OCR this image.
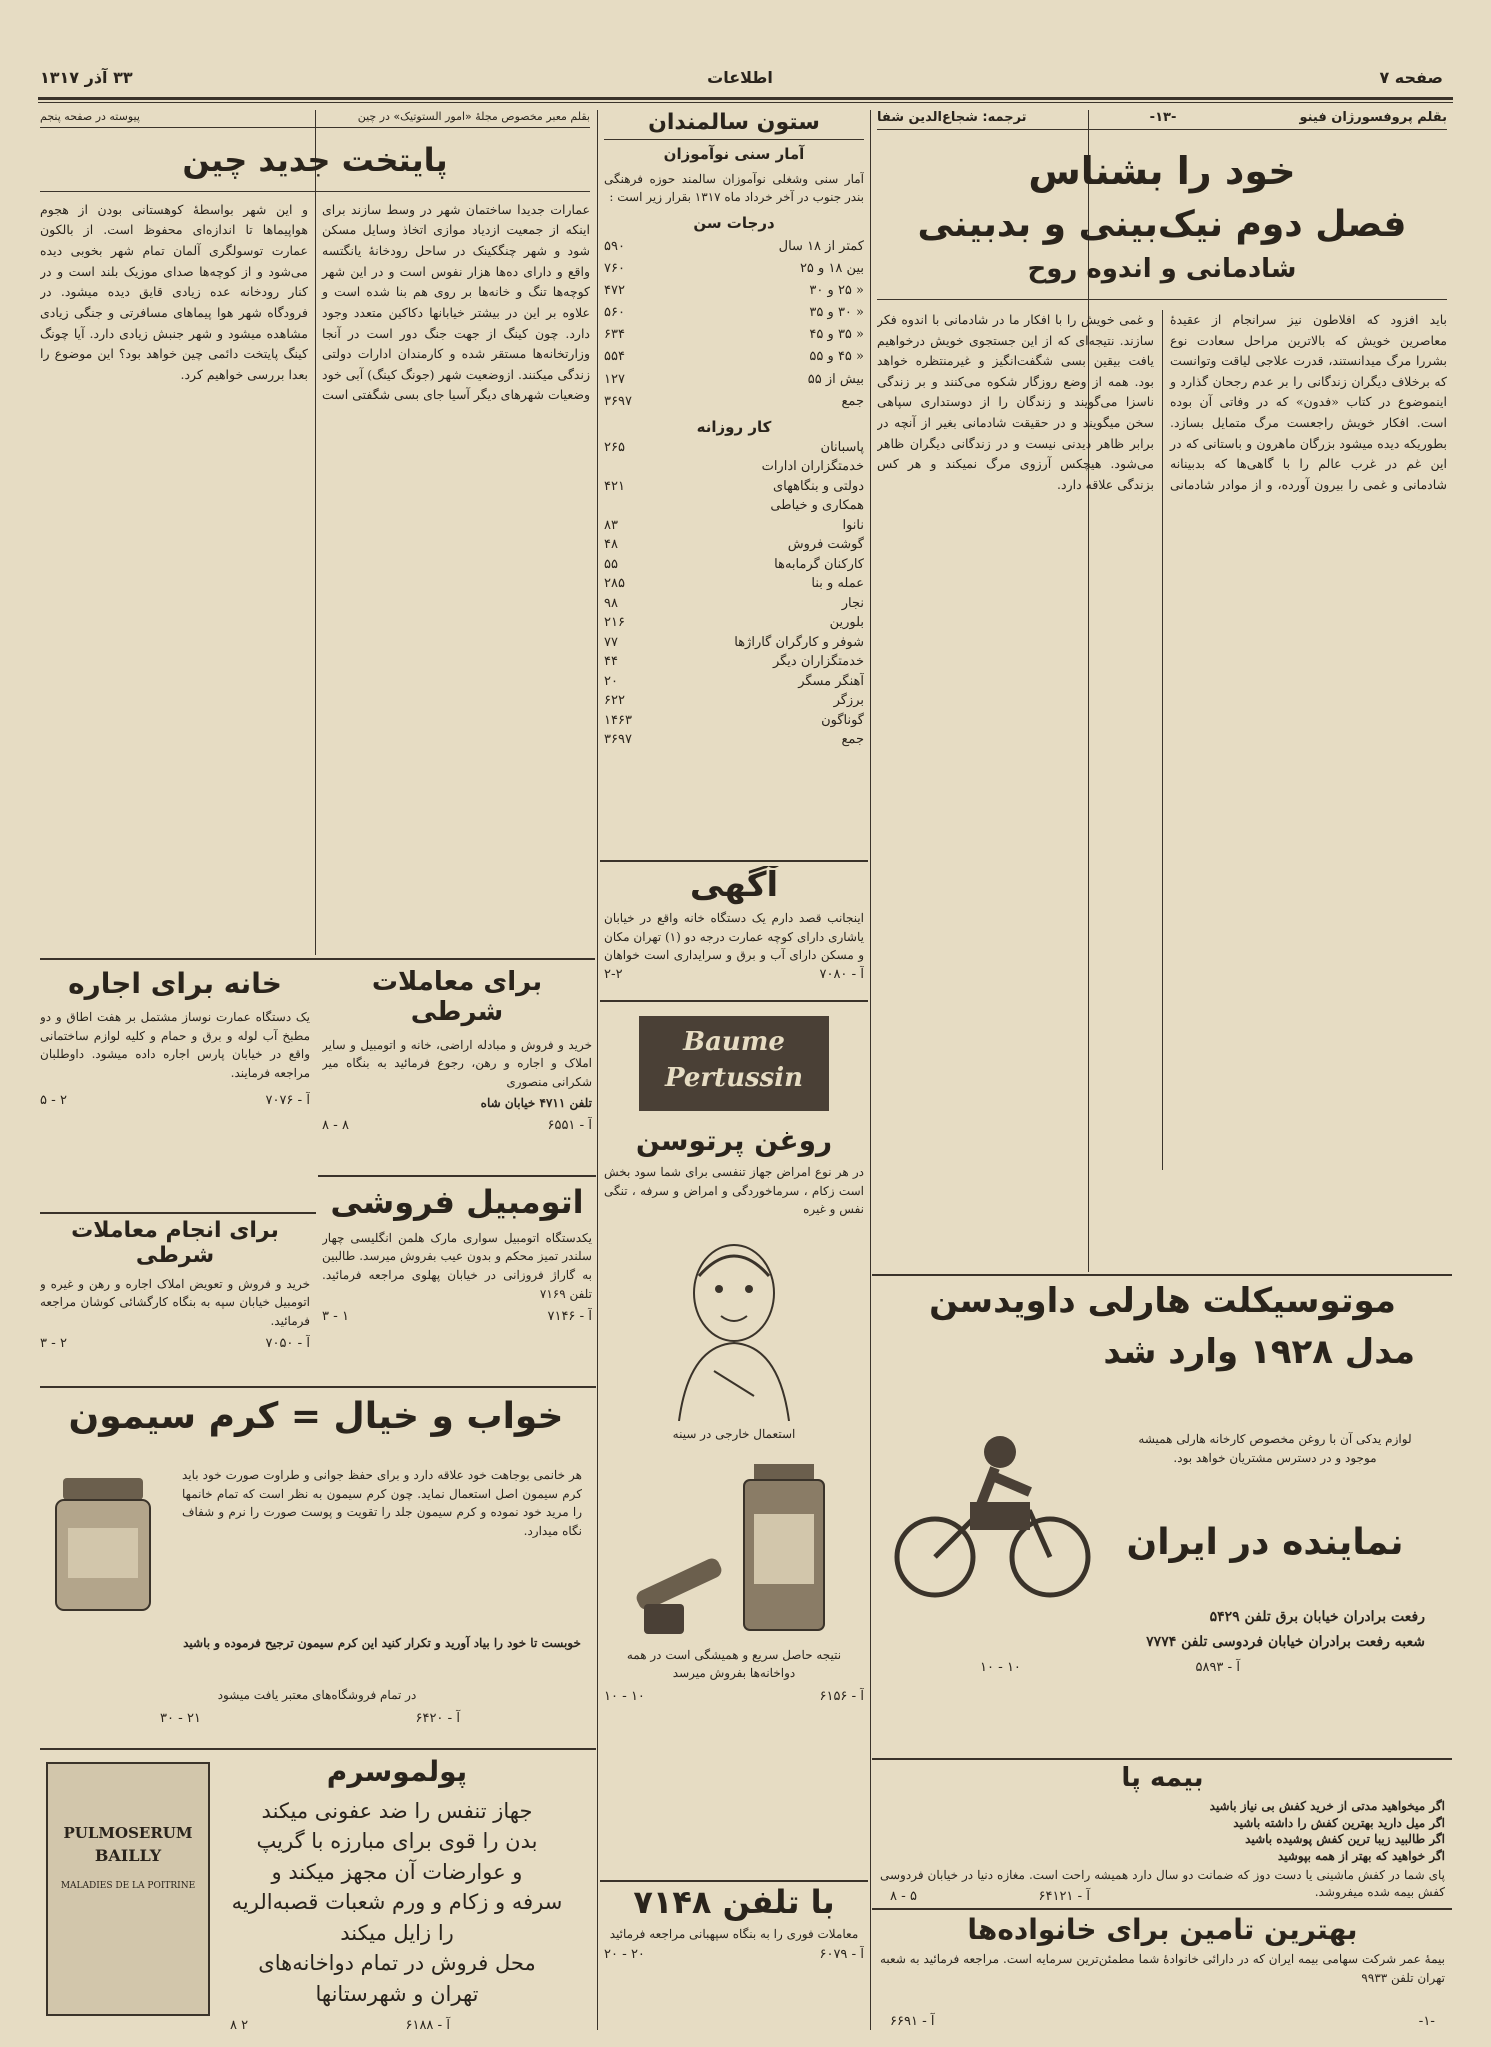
صفحه ۷
اطلاعات
۳۳ آذر ۱۳۱۷
بقلم پروفسورژان فینو
-۱۳-
ترجمه: شجاع‌الدین شفا
خود را بشناس
فصل دوم نیک‌بینی و بدبینی
شادمانی و اندوه روح
باید افزود که افلاطون نیز سرانجام از عقیدهٔ معاصرین خویش که بالاترین مراحل سعادت نوع بشررا مرگ میدانستند، قدرت علاجی لیاقت وتوانست که برخلاف دیگران زندگانی را بر عدم رجحان گذارد و اینموضوع در کتاب «فدون» که در وفاتی آن بوده است. افکار خویش راجعست مرگ متمایل بسازد. بطوریکه دیده میشود بزرگان ماهرون و باستانی که در این غم در غرب عالم را با گاهی‌ها که بدبینانه شادمانی و غمی را بیرون آورده، و از موادر شادمانی و غمی خویش را با افکار ما در شادمانی با اندوه فکر سازند. نتیجه‌ای که از این جستجوی خویش درخواهیم یافت بیقین بسی شگفت‌انگیز و غیرمنتظره خواهد بود. همه از وضع روزگار شکوه می‌کنند و بر زندگی ناسزا می‌گویند و زندگان را از دوستداری سپاهی سخن میگویند و در حقیقت شادمانی بغیر از آنچه در برابر ظاهر دیدنی نیست و در زندگانی دیگران ظاهر می‌شود. هیچکس آرزوی مرگ نمیکند و هر کس بزندگی علاقه دارد.
بقلم معبر مخصوص مجلهٔ «امور الستوتیک» در چین
پیوسته در صفحه پنجم
پایتخت جدید چین
عمارات جدیدا ساختمان شهر در وسط سازند برای اینکه از جمعیت ازدیاد موازی اتخاذ وسایل مسکن شود و شهر چنگکینک در ساحل رودخانهٔ یانگتسه واقع و دارای ده‌ها هزار نفوس است و در این شهر کوچه‌ها تنگ و خانه‌ها بر روی هم بنا شده است و علاوه بر این در بیشتر خیابانها دکاکین متعدد وجود دارد. چون کینگ از جهت جنگ دور است در آنجا وزارتخانه‌ها مستقر شده و کارمندان ادارات دولتی زندگی میکنند. ازوضعیت شهر (جونگ کینگ) آبی خود وضعیات شهرهای دیگر آسیا جای بسی شگفتی است و این شهر بواسطهٔ کوهستانی بودن از هجوم هواپیماها تا اندازه‌ای محفوظ است. از بالکون عمارت توسولگری آلمان تمام شهر بخوبی دیده می‌شود و از کوچه‌ها صدای موزیک بلند است و در کنار رودخانه عده زیادی قایق دیده میشود. در فرودگاه شهر هوا پیماهای مسافرتی و جنگی زیادی مشاهده میشود و شهر جنبش زیادی دارد. آیا چونگ کینگ پایتخت دائمی چین خواهد بود؟ این موضوع را بعدا بررسی خواهیم کرد.
ستون سالمندان
آمار سنی نوآموزان
آمار سنی وشغلی نوآموزان سالمند حوزه فرهنگی بندر جنوب در آخر خرداد ماه ۱۳۱۷ بقرار زیر است :
درجات سن
کمتر از ۱۸ سال
۵۹۰
بین ۱۸ و ۲۵
۷۶۰
« ۲۵ و ۳۰
۴۷۲
« ۳۰ و ۳۵
۵۶۰
« ۳۵ و ۴۵
۶۳۴
« ۴۵ و ۵۵
۵۵۴
بیش از ۵۵
۱۲۷
جمع
۳۶۹۷
کار روزانه
پاسبانان
۲۶۵
خدمتگزاران ادارات
دولتی و بنگاههای
۴۲۱
همکاری و خیاطی
نانوا
۸۳
گوشت فروش
۴۸
کارکنان گرمابه‌ها
۵۵
عمله و بنا
۲۸۵
نجار
۹۸
بلورین
۲۱۶
شوفر و کارگران گاراژها
۷۷
خدمتگزاران دیگر
۴۴
آهنگر مسگر
۲۰
برزگر
۶۲۲
گوناگون
۱۴۶۳
جمع
۳۶۹۷
آگهی
اینجانب قصد دارم یک دستگاه خانه واقع در خیابان یاشاری دارای کوچه عمارت درجه دو (۱) تهران مکان و مسکن دارای آب و برق و سرایداری است خواهان
آ - ۷۰۸۰
۲-۲
Baume
Pertussin
روغن پرتوسن
در هر نوع امراض جهاز تنفسی برای شما سود بخش است زکام ، سرماخوردگی و امراض و سرفه ، تنگی نفس و غیره
استعمال خارجی در سینه
نتیجه حاصل سریع و همیشگی است در همه دواخانه‌ها بفروش میرسد
آ - ۶۱۵۶
۱۰ - ۱۰
با تلفن ۷۱۴۸
معاملات فوری را به بنگاه سپهبانی مراجعه فرمائید
آ - ۶۰۷۹
۲۰ - ۲۰
خانه برای اجاره
یک دستگاه عمارت نوساز مشتمل بر هفت اطاق و دو مطبخ آب لوله و برق و حمام و کلیه لوازم ساختمانی واقع در خیابان پارس اجاره داده میشود. داوطلبان مراجعه فرمایند.
آ - ۷۰۷۶
۲ - ۵
برای معاملات شرطی
خرید و فروش و مبادله اراضی، خانه و اتومبیل و سایر املاک و اجاره و رهن، رجوع فرمائید به بنگاه میر شکرانی منصوری
تلفن ۴۷۱۱ خیابان شاه
آ - ۶۵۵۱
۸ - ۸
برای انجام معاملات شرطی
خرید و فروش و تعویض املاک اجاره و رهن و غیره و اتومبیل خیابان سپه به بنگاه کارگشائی کوشان مراجعه فرمائید.
آ - ۷۰۵۰
۲ - ۳
اتومبیل فروشی
یکدستگاه اتومبیل سواری مارک هلمن انگلیسی چهار سلندر تمیز محکم و بدون عیب بفروش میرسد. طالبین به گاراژ فروزانی در خیابان پهلوی مراجعه فرمائید. تلفن ۷۱۶۹
آ - ۷۱۴۶
۱ - ۳	موتوسیکلت هارلی داویدسن
مدل ۱۹۲۸ وارد شد
لوازم یدکی آن با روغن مخصوص کارخانه هارلی همیشه موجود و در دسترس مشتریان خواهد بود.
نماینده در ایران
رفعت برادران خیابان برق تلفن ۵۴۲۹
شعبه رفعت برادران خیابان فردوسی تلفن ۷۷۷۴
آ - ۵۸۹۳
۱۰ - ۱۰
خواب و خیال = کرم سیمون
هر خانمی بوجاهت خود علاقه دارد و برای حفظ جوانی و طراوت صورت خود باید کرم سیمون اصل استعمال نماید. چون کرم سیمون به نظر است که تمام خانمها را مرید خود نموده و کرم سیمون جلد را تقویت و پوست صورت را نرم و شفاف نگاه میدارد.
خوبست تا خود را بیاد آورید و تکرار کنید این کرم سیمون ترجیح فرموده و باشید
در تمام فروشگاه‌های معتبر یافت میشود
آ - ۶۴۲۰
۲۱ - ۳۰
PULMOSERUM
BAILLY
MALADIES DE LA POITRINE
پولموسرم
جهاز تنفس را ضد عفونی میکند
بدن را قوی برای مبارزه با گریپ
و عوارضات آن مجهز میکند و
سرفه و زکام و ورم شعبات قصبه‌الریه
را زایل میکند
محل فروش در تمام دواخانه‌های
تهران و شهرستانها
آ - ۶۱۸۸
۲ ۸
بیمه پا
اگر میخواهید مدتی از خرید کفش بی نیاز باشید
اگر میل دارید بهترین کفش را داشته باشید
اگر طالبید زیبا ترین کفش پوشیده باشید
اگر خواهید که بهتر از همه بپوشید
پای شما در کفش ماشینی یا دست دوز که ضمانت دو سال دارد همیشه راحت است. مغازه دنیا در خیابان فردوسی کفش بیمه شده میفروشد.
آ - ۶۴۱۲۱
۵ - ۸
بهترین تامین برای خانواده‌ها
بیمهٔ عمر شرکت سهامی بیمه ایران که در دارائی خانوادهٔ شما مطمئن‌ترین سرمایه است. مراجعه فرمائید به شعبه تهران تلفن ۹۹۳۳
-۱-
آ - ۶۶۹۱
